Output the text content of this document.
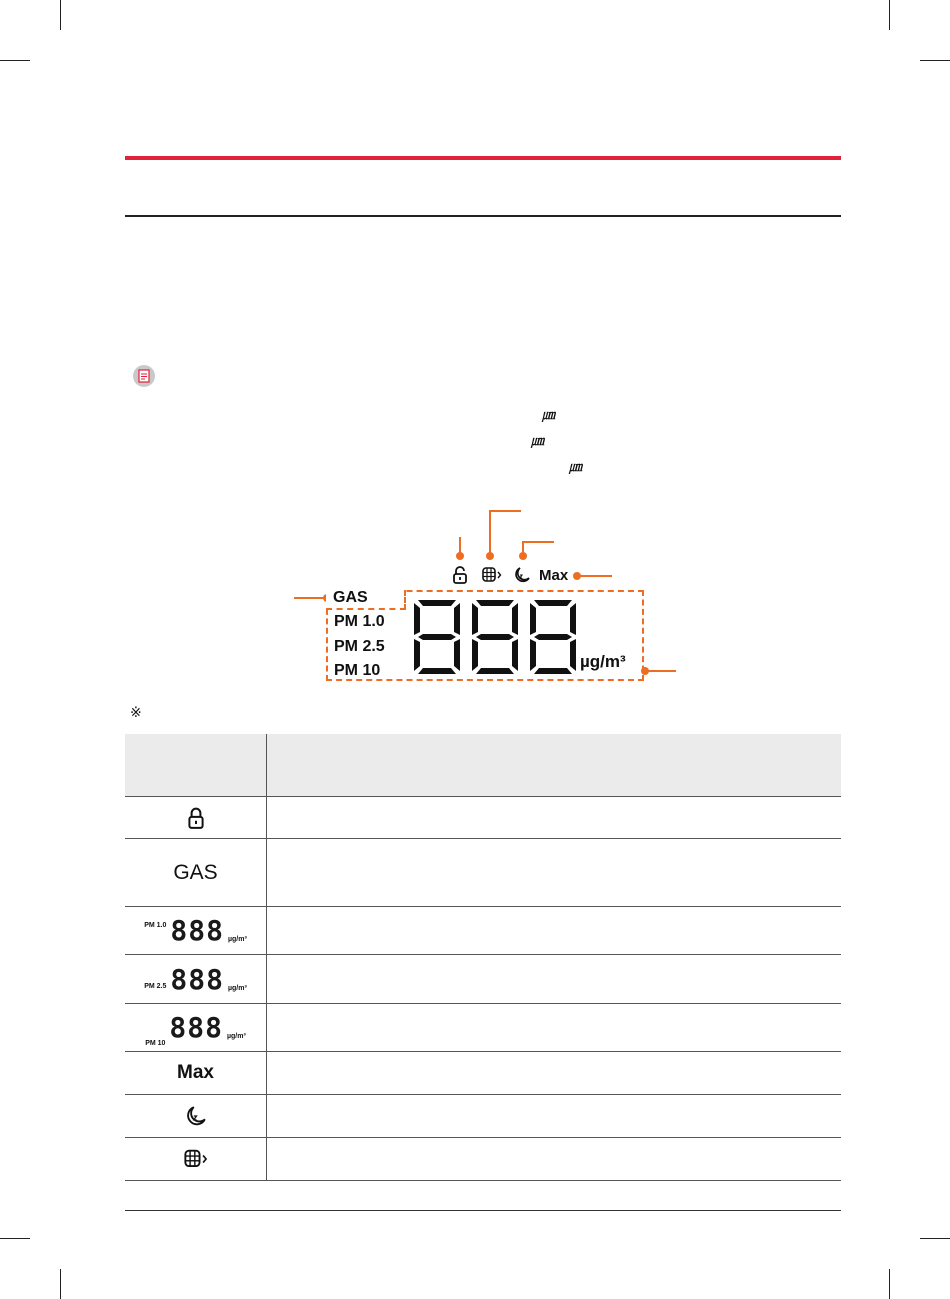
㎛
㎛
㎛
Max
GAS
PM 1.0
PM 2.5
PM 10	µg/m³
※
GAS
PM 1.0 888 µg/m³
PM 2.5 888 µg/m³
PM 10 888 µg/m³
Max
